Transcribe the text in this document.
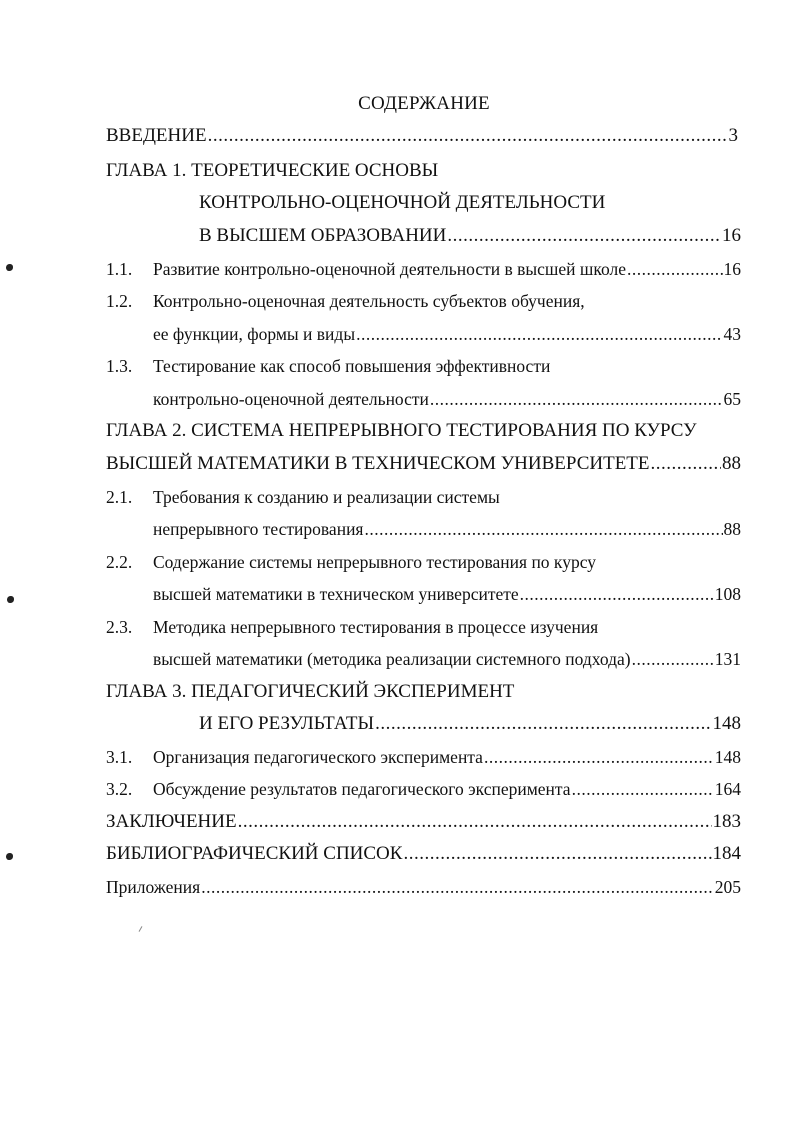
СОДЕРЖАНИЕ
ВВЕДЕНИЕ .....	3
ГЛАВА 1. ТЕОРЕТИЧЕСКИЕ ОСНОВЫ
КОНТРОЛЬНО-ОЦЕНОЧНОЙ ДЕЯТЕЛЬНОСТИ
В ВЫСШЕМ ОБРАЗОВАНИИ .....	16
1.1.	Развитие контрольно-оценочной деятельности в высшей школе .....	16
1.2.	Контрольно-оценочная деятельность субъектов обучения,
ее функции, формы и виды .....	43
1.3.	Тестирование как способ повышения эффективности
контрольно-оценочной деятельности .....	65
ГЛАВА 2. СИСТЕМА НЕПРЕРЫВНОГО ТЕСТИРОВАНИЯ ПО КУРСУ
ВЫСШЕЙ МАТЕМАТИКИ В ТЕХНИЧЕСКОМ УНИВЕРСИТЕТЕ .....	88
2.1.	Требования к созданию и реализации системы
непрерывного тестирования .....	88
2.2.	Содержание системы непрерывного тестирования по курсу
высшей математики в техническом университете .....	108
2.3.	Методика непрерывного тестирования в процессе изучения
высшей математики (методика реализации системного подхода) .....	131
ГЛАВА 3. ПЕДАГОГИЧЕСКИЙ ЭКСПЕРИМЕНТ
И ЕГО РЕЗУЛЬТАТЫ .....	148
3.1.	Организация педагогического эксперимента .....	148
3.2.	Обсуждение результатов педагогического эксперимента .....	164
ЗАКЛЮЧЕНИЕ .....	183
БИБЛИОГРАФИЧЕСКИЙ СПИСОК .....	184
Приложения .....	205
